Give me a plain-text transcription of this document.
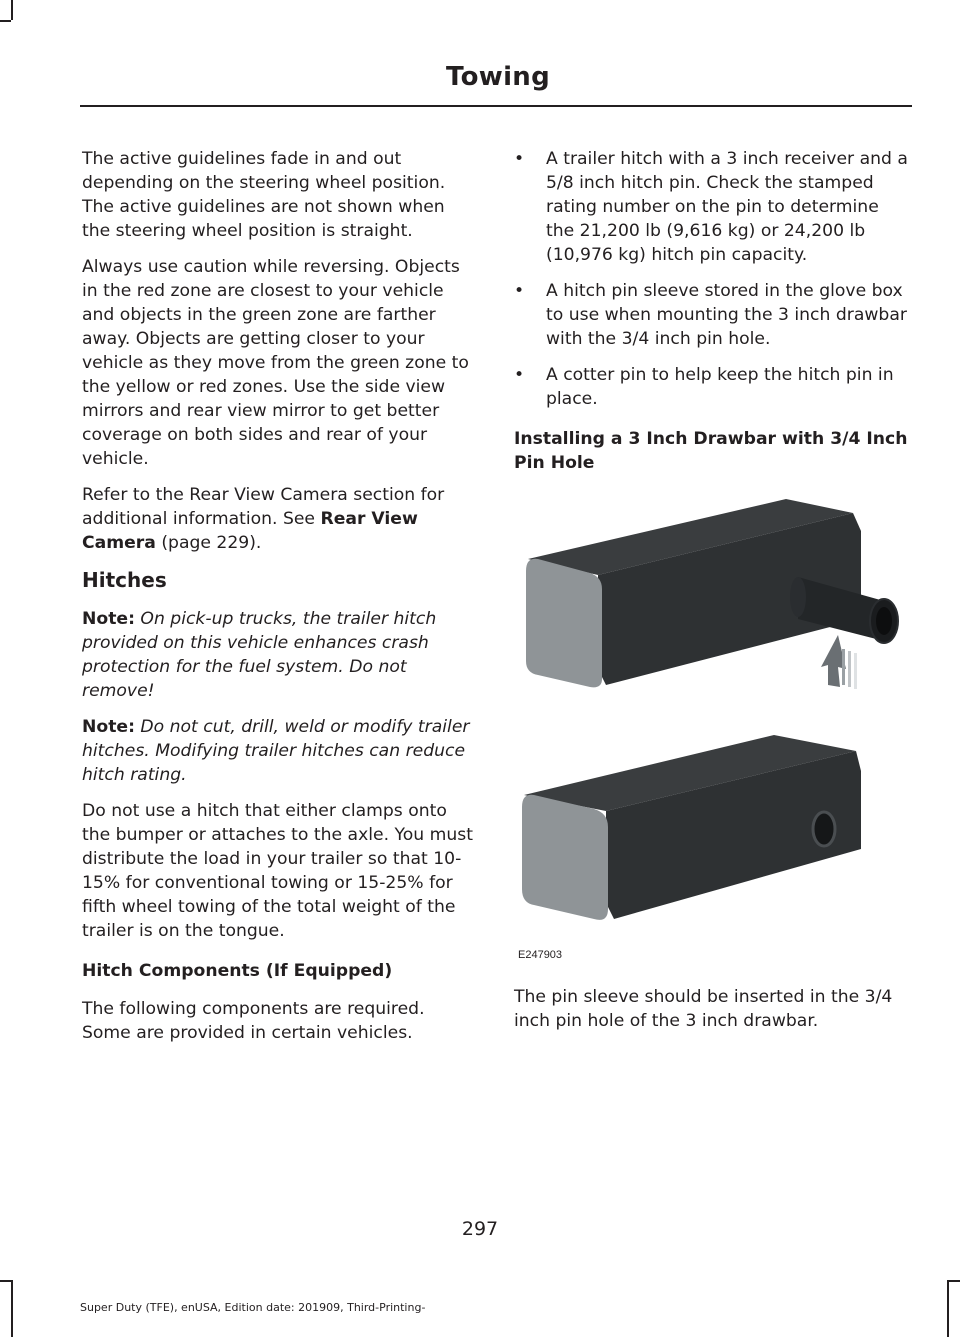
Towing

The active guidelines fade in and out depending on the steering wheel position. The active guidelines are not shown when the steering wheel position is straight.

Always use caution while reversing. Objects in the red zone are closest to your vehicle and objects in the green zone are farther away. Objects are getting closer to your vehicle as they move from the green zone to the yellow or red zones. Use the side view mirrors and rear view mirror to get better coverage on both sides and rear of your vehicle.

Refer to the Rear View Camera section for additional information. See Rear View Camera (page 229).

Hitches

Note: On pick-up trucks, the trailer hitch provided on this vehicle enhances crash protection for the fuel system. Do not remove!

Note: Do not cut, drill, weld or modify trailer hitches. Modifying trailer hitches can reduce hitch rating.

Do not use a hitch that either clamps onto the bumper or attaches to the axle. You must distribute the load in your trailer so that 10-15% for conventional towing or 15-25% for fifth wheel towing of the total weight of the trailer is on the tongue.

Hitch Components (If Equipped)

The following components are required. Some are provided in certain vehicles.

• A trailer hitch with a 3 inch receiver and a 5/8 inch hitch pin. Check the stamped rating number on the pin to determine the 21,200 lb (9,616 kg) or 24,200 lb (10,976 kg) hitch pin capacity.
• A hitch pin sleeve stored in the glove box to use when mounting the 3 inch drawbar with the 3/4 inch pin hole.
• A cotter pin to help keep the hitch pin in place.
Installing a 3 Inch Drawbar with 3/4 Inch Pin Hole
E247903

The pin sleeve should be inserted in the 3/4 inch pin hole of the 3 inch drawbar.

297
Super Duty (TFE), enUSA, Edition date: 201909, Third-Printing-
